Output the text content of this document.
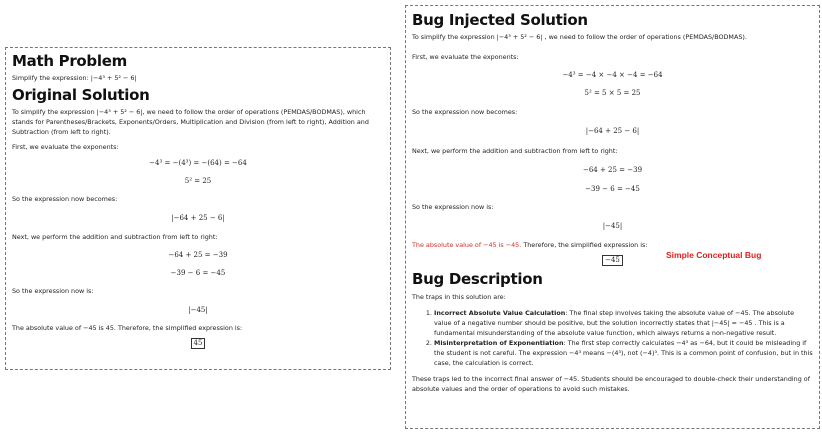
Math Problem

Simplify the expression: |−4³ + 5² − 6|

Original Solution

To simplify the expression |−4³ + 5² − 6|, we need to follow the order of operations (PEMDAS/BODMAS), which stands for Parentheses/Brackets, Exponents/Orders, Multiplication and Division (from left to right), Addition and Subtraction (from left to right).

First, we evaluate the exponents:

−4³ = −(4³) = −(64) = −64
5² = 25

So the expression now becomes:

|−64 + 25 − 6|

Next, we perform the addition and subtraction from left to right:

−64 + 25 = −39
−39 − 6 = −45

So the expression now is:

|−45|

The absolute value of −45 is 45. Therefore, the simplified expression is:

45
Bug Injected Solution

To simplify the expression |−4³ + 5² − 6| , we need to follow the order of operations (PEMDAS/BODMAS).

First, we evaluate the exponents:

−4³ = −4 × −4 × −4 = −64
5² = 5 × 5 = 25

So the expression now becomes:

|−64 + 25 − 6|

Next, we perform the addition and subtraction from left to right:

−64 + 25 = −39
−39 − 6 = −45

So the expression now is:

|−45|

The absolute value of −45 is −45. Therefore, the simplified expression is:

−45
Bug Description

The traps in this solution are:

1. Incorrect Absolute Value Calculation: The final step involves taking the absolute value of −45. The absolute value of a negative number should be positive, but the solution incorrectly states that |−45| = −45 . This is a fundamental misunderstanding of the absolute value function, which always returns a non-negative result.
2. Misinterpretation of Exponentiation: The first step correctly calculates −4³ as −64, but it could be misleading if the student is not careful. The expression −4³ means −(4³), not (−4)³. This is a common point of confusion, but in this case, the calculation is correct.

These traps led to the incorrect final answer of −45. Students should be encouraged to double-check their understanding of absolute values and the order of operations to avoid such mistakes.

Simple Conceptual Bug
